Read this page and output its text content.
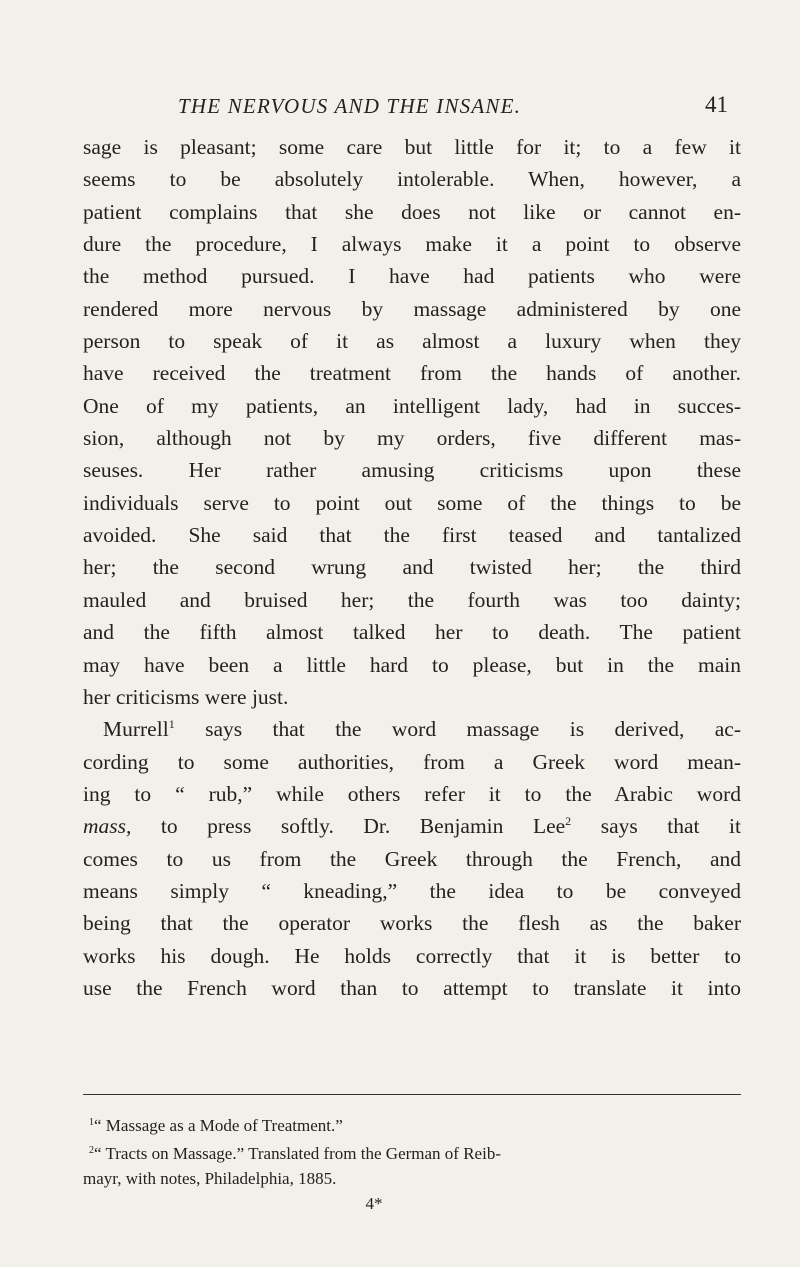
THE NERVOUS AND THE INSANE.	41
sage is pleasant; some care but little for it; to a few it
seems to be absolutely intolerable. When, however, a
patient complains that she does not like or cannot en-
dure the procedure, I always make it a point to observe
the method pursued. I have had patients who were
rendered more nervous by massage administered by one
person to speak of it as almost a luxury when they
have received the treatment from the hands of another.
One of my patients, an intelligent lady, had in succes-
sion, although not by my orders, five different mas-
seuses. Her rather amusing criticisms upon these
individuals serve to point out some of the things to be
avoided. She said that the first teased and tantalized
her; the second wrung and twisted her; the third
mauled and bruised her; the fourth was too dainty;
and the fifth almost talked her to death. The patient
may have been a little hard to please, but in the main
her criticisms were just.
Murrell$^1$ says that the word massage is derived, ac-
cording to some authorities, from a Greek word mean-
ing to “ rub,” while others refer it to the Arabic word
mass, to press softly. Dr. Benjamin Lee$^2$ says that it
comes to us from the Greek through the French, and
means simply “ kneading,” the idea to be conveyed
being that the operator works the flesh as the baker
works his dough. He holds correctly that it is better to
use the French word than to attempt to translate it into
$^1$“ Massage as a Mode of Treatment.”
$^2$“ Tracts on Massage.” Translated from the German of Reib-
mayr, with notes, Philadelphia, 1885.
4*
